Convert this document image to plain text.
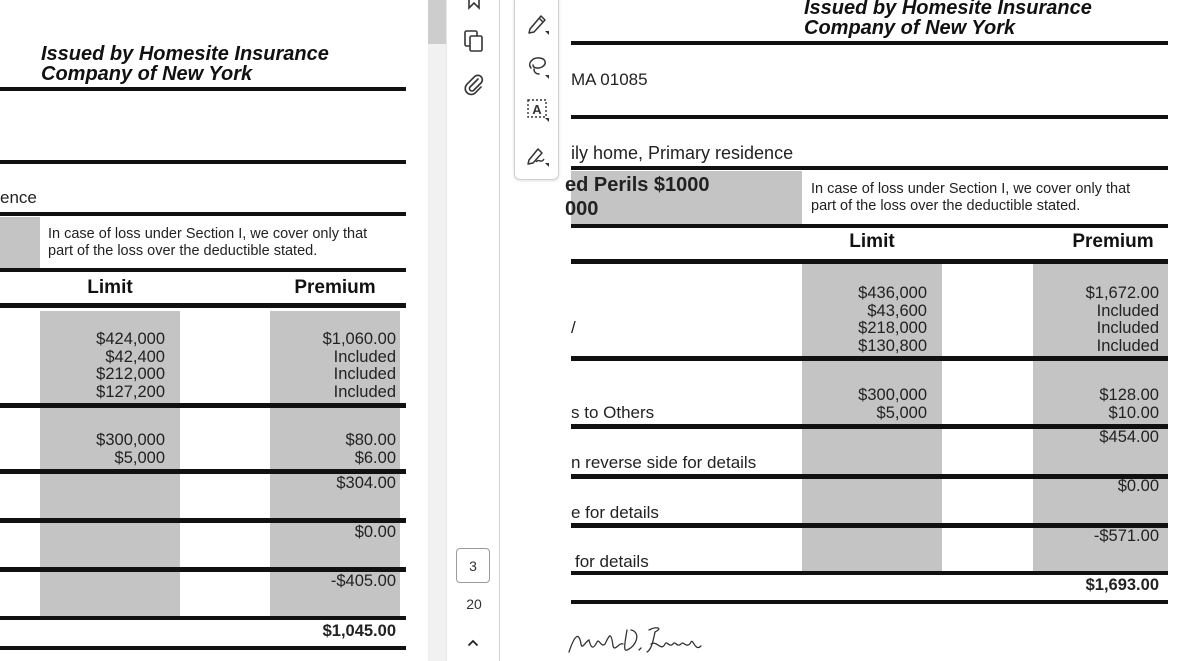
Issued by Homesite Insurance
Company of New York
ence
In case of loss under Section I, we cover only that
part of the loss over the deductible stated.
Limit	Premium
$424,000
$42,400
$212,000
$127,200
$1,060.00
Included
Included
Included
$300,000
$5,000
$80.00
$6.00
$304.00
$0.00
-$405.00
$1,045.00
3
20
A
Issued by Homesite Insurance
Company of New York
MA 01085
ily home, Primary residence
ed Perils $1000
000
In case of loss under Section I, we cover only that
part of the loss over the deductible stated.
Limit	Premium
/
$436,000
$43,600
$218,000
$130,800
$1,672.00
Included
Included
Included
s to Others
$300,000
$5,000
$128.00
$10.00
$454.00
n reverse side for details
$0.00
e for details
-$571.00
for details
$1,693.00
